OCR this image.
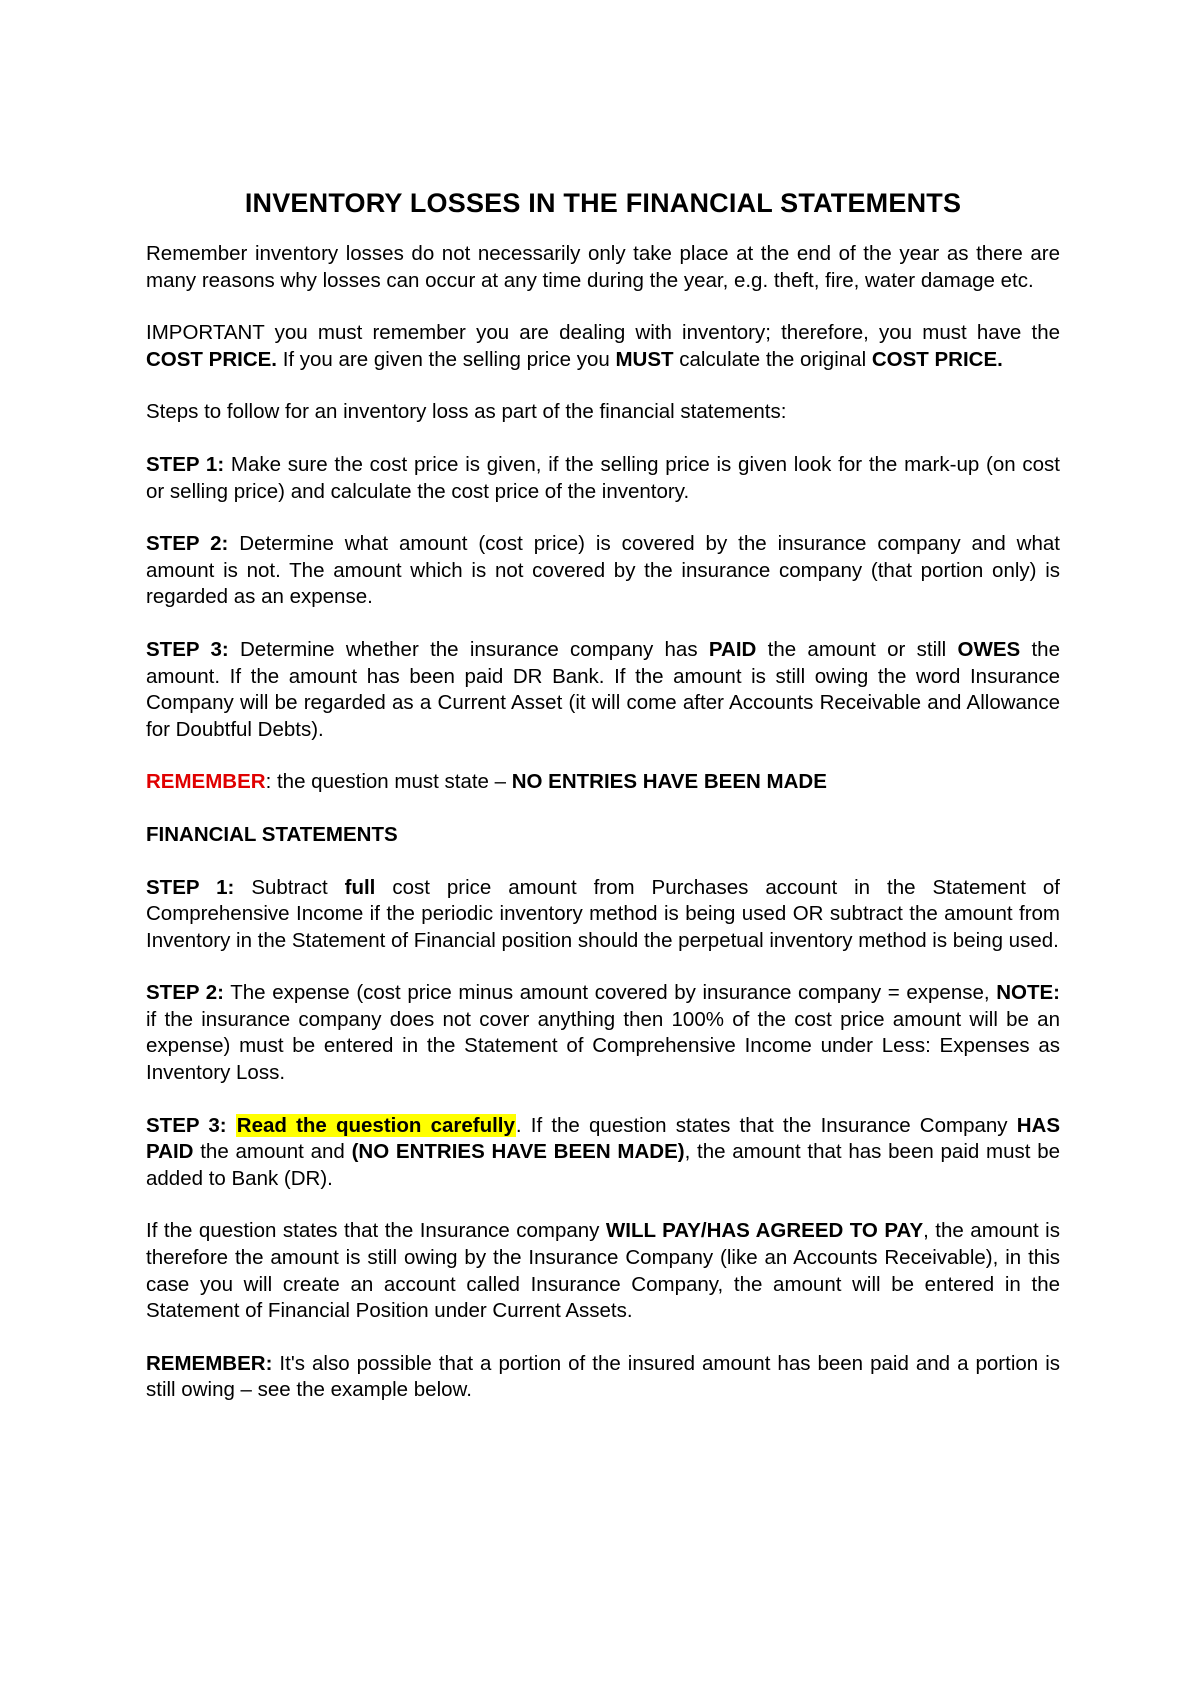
INVENTORY LOSSES IN THE FINANCIAL STATEMENTS

Remember inventory losses do not necessarily only take place at the end of the year as there are many reasons why losses can occur at any time during the year, e.g. theft, fire, water damage etc.

IMPORTANT you must remember you are dealing with inventory; therefore, you must have the COST PRICE. If you are given the selling price you MUST calculate the original COST PRICE.

Steps to follow for an inventory loss as part of the financial statements:

STEP 1: Make sure the cost price is given, if the selling price is given look for the mark-up (on cost or selling price) and calculate the cost price of the inventory.

STEP 2: Determine what amount (cost price) is covered by the insurance company and what amount is not. The amount which is not covered by the insurance company (that portion only) is regarded as an expense.

STEP 3: Determine whether the insurance company has PAID the amount or still OWES the amount. If the amount has been paid DR Bank. If the amount is still owing the word Insurance Company will be regarded as a Current Asset (it will come after Accounts Receivable and Allowance for Doubtful Debts).

REMEMBER: the question must state – NO ENTRIES HAVE BEEN MADE

FINANCIAL STATEMENTS

STEP 1: Subtract full cost price amount from Purchases account in the Statement of Comprehensive Income if the periodic inventory method is being used OR subtract the amount from Inventory in the Statement of Financial position should the perpetual inventory method is being used.

STEP 2: The expense (cost price minus amount covered by insurance company = expense, NOTE: if the insurance company does not cover anything then 100% of the cost price amount will be an expense) must be entered in the Statement of Comprehensive Income under Less: Expenses as Inventory Loss.

STEP 3: Read the question carefully. If the question states that the Insurance Company HAS PAID the amount and (NO ENTRIES HAVE BEEN MADE), the amount that has been paid must be added to Bank (DR).

If the question states that the Insurance company WILL PAY/HAS AGREED TO PAY, the amount is therefore the amount is still owing by the Insurance Company (like an Accounts Receivable), in this case you will create an account called Insurance Company, the amount will be entered in the Statement of Financial Position under Current Assets.

REMEMBER: It's also possible that a portion of the insured amount has been paid and a portion is still owing – see the example below.
